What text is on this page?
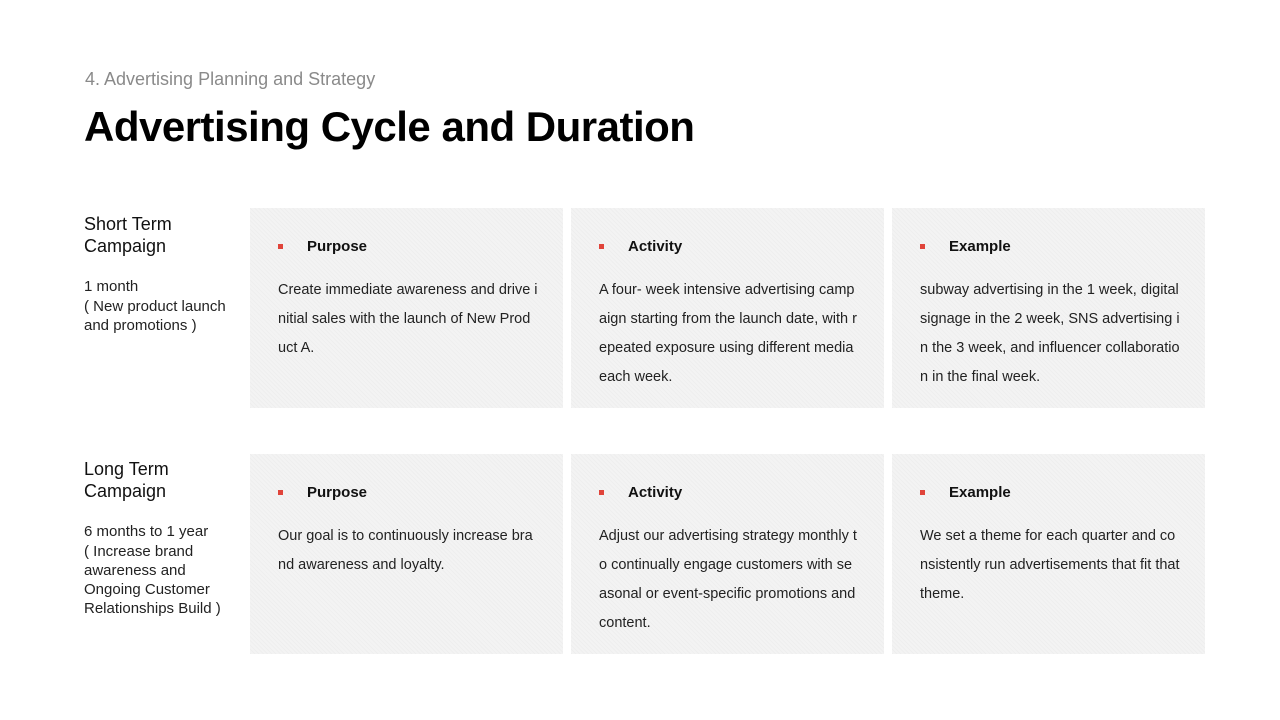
4. Advertising Planning and Strategy
Advertising Cycle and Duration
Short Term Campaign
1 month
( New product launch and promotions )
Purpose
Create immediate awareness and drive initial sales with the launch of New Product A.
Activity
A four- week intensive advertising campaign starting from the launch date, with repeated exposure using different media each week.
Example
subway advertising in the 1 week, digital signage in the 2 week, SNS advertising in the 3 week, and influencer collaboration in the final week.
Long Term Campaign
6 months to 1 year
( Increase brand awareness and Ongoing Customer Relationships Build )
Purpose
Our goal is to continuously increase brand awareness and loyalty.
Activity
Adjust our advertising strategy monthly to continually engage customers with seasonal or event-specific promotions and content.
Example
We set a theme for each quarter and consistently run advertisements that fit that theme.
